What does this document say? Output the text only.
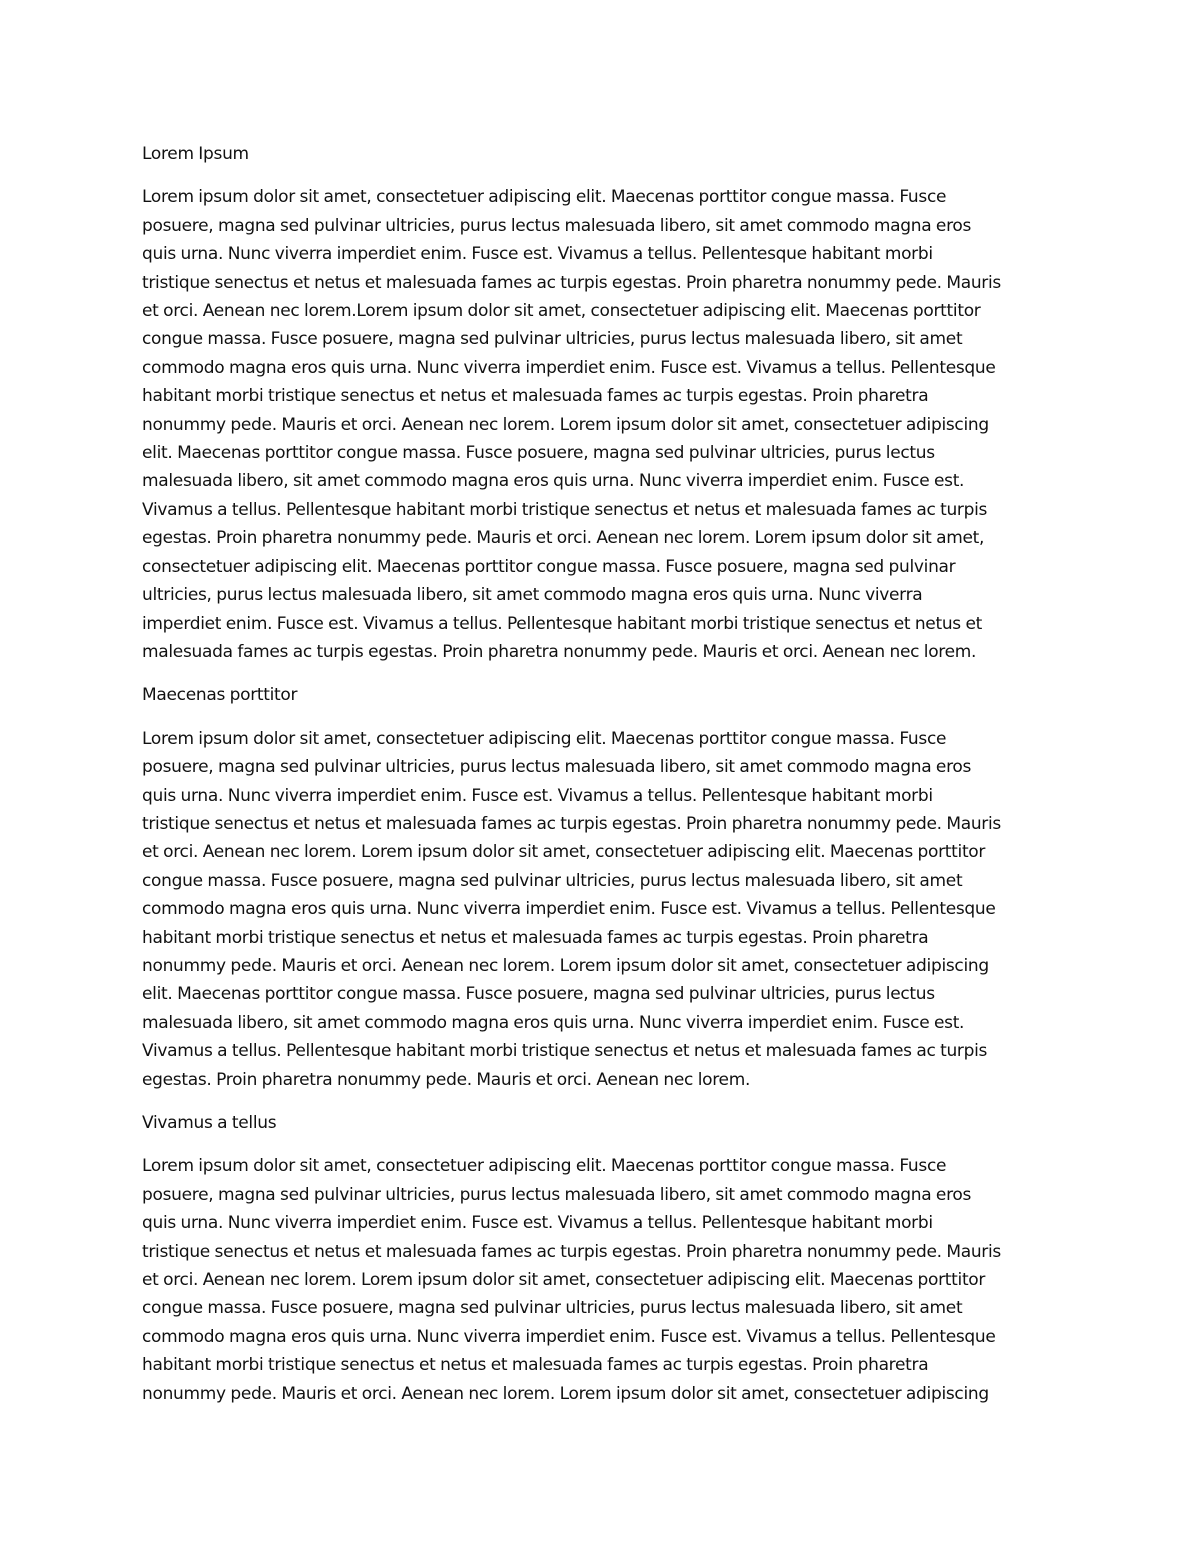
Lorem Ipsum
Lorem ipsum dolor sit amet, consectetuer adipiscing elit. Maecenas porttitor congue massa. Fusce
posuere, magna sed pulvinar ultricies, purus lectus malesuada libero, sit amet commodo magna eros
quis urna. Nunc viverra imperdiet enim. Fusce est. Vivamus a tellus. Pellentesque habitant morbi
tristique senectus et netus et malesuada fames ac turpis egestas. Proin pharetra nonummy pede. Mauris
et orci. Aenean nec lorem.Lorem ipsum dolor sit amet, consectetuer adipiscing elit. Maecenas porttitor
congue massa. Fusce posuere, magna sed pulvinar ultricies, purus lectus malesuada libero, sit amet
commodo magna eros quis urna. Nunc viverra imperdiet enim. Fusce est. Vivamus a tellus. Pellentesque
habitant morbi tristique senectus et netus et malesuada fames ac turpis egestas. Proin pharetra
nonummy pede. Mauris et orci. Aenean nec lorem. Lorem ipsum dolor sit amet, consectetuer adipiscing
elit. Maecenas porttitor congue massa. Fusce posuere, magna sed pulvinar ultricies, purus lectus
malesuada libero, sit amet commodo magna eros quis urna. Nunc viverra imperdiet enim. Fusce est.
Vivamus a tellus. Pellentesque habitant morbi tristique senectus et netus et malesuada fames ac turpis
egestas. Proin pharetra nonummy pede. Mauris et orci. Aenean nec lorem. Lorem ipsum dolor sit amet,
consectetuer adipiscing elit. Maecenas porttitor congue massa. Fusce posuere, magna sed pulvinar
ultricies, purus lectus malesuada libero, sit amet commodo magna eros quis urna. Nunc viverra
imperdiet enim. Fusce est. Vivamus a tellus. Pellentesque habitant morbi tristique senectus et netus et
malesuada fames ac turpis egestas. Proin pharetra nonummy pede. Mauris et orci. Aenean nec lorem.
Maecenas porttitor
Lorem ipsum dolor sit amet, consectetuer adipiscing elit. Maecenas porttitor congue massa. Fusce
posuere, magna sed pulvinar ultricies, purus lectus malesuada libero, sit amet commodo magna eros
quis urna. Nunc viverra imperdiet enim. Fusce est. Vivamus a tellus. Pellentesque habitant morbi
tristique senectus et netus et malesuada fames ac turpis egestas. Proin pharetra nonummy pede. Mauris
et orci. Aenean nec lorem. Lorem ipsum dolor sit amet, consectetuer adipiscing elit. Maecenas porttitor
congue massa. Fusce posuere, magna sed pulvinar ultricies, purus lectus malesuada libero, sit amet
commodo magna eros quis urna. Nunc viverra imperdiet enim. Fusce est. Vivamus a tellus. Pellentesque
habitant morbi tristique senectus et netus et malesuada fames ac turpis egestas. Proin pharetra
nonummy pede. Mauris et orci. Aenean nec lorem. Lorem ipsum dolor sit amet, consectetuer adipiscing
elit. Maecenas porttitor congue massa. Fusce posuere, magna sed pulvinar ultricies, purus lectus
malesuada libero, sit amet commodo magna eros quis urna. Nunc viverra imperdiet enim. Fusce est.
Vivamus a tellus. Pellentesque habitant morbi tristique senectus et netus et malesuada fames ac turpis
egestas. Proin pharetra nonummy pede. Mauris et orci. Aenean nec lorem.
Vivamus a tellus
Lorem ipsum dolor sit amet, consectetuer adipiscing elit. Maecenas porttitor congue massa. Fusce
posuere, magna sed pulvinar ultricies, purus lectus malesuada libero, sit amet commodo magna eros
quis urna. Nunc viverra imperdiet enim. Fusce est. Vivamus a tellus. Pellentesque habitant morbi
tristique senectus et netus et malesuada fames ac turpis egestas. Proin pharetra nonummy pede. Mauris
et orci. Aenean nec lorem. Lorem ipsum dolor sit amet, consectetuer adipiscing elit. Maecenas porttitor
congue massa. Fusce posuere, magna sed pulvinar ultricies, purus lectus malesuada libero, sit amet
commodo magna eros quis urna. Nunc viverra imperdiet enim. Fusce est. Vivamus a tellus. Pellentesque
habitant morbi tristique senectus et netus et malesuada fames ac turpis egestas. Proin pharetra
nonummy pede. Mauris et orci. Aenean nec lorem. Lorem ipsum dolor sit amet, consectetuer adipiscing
